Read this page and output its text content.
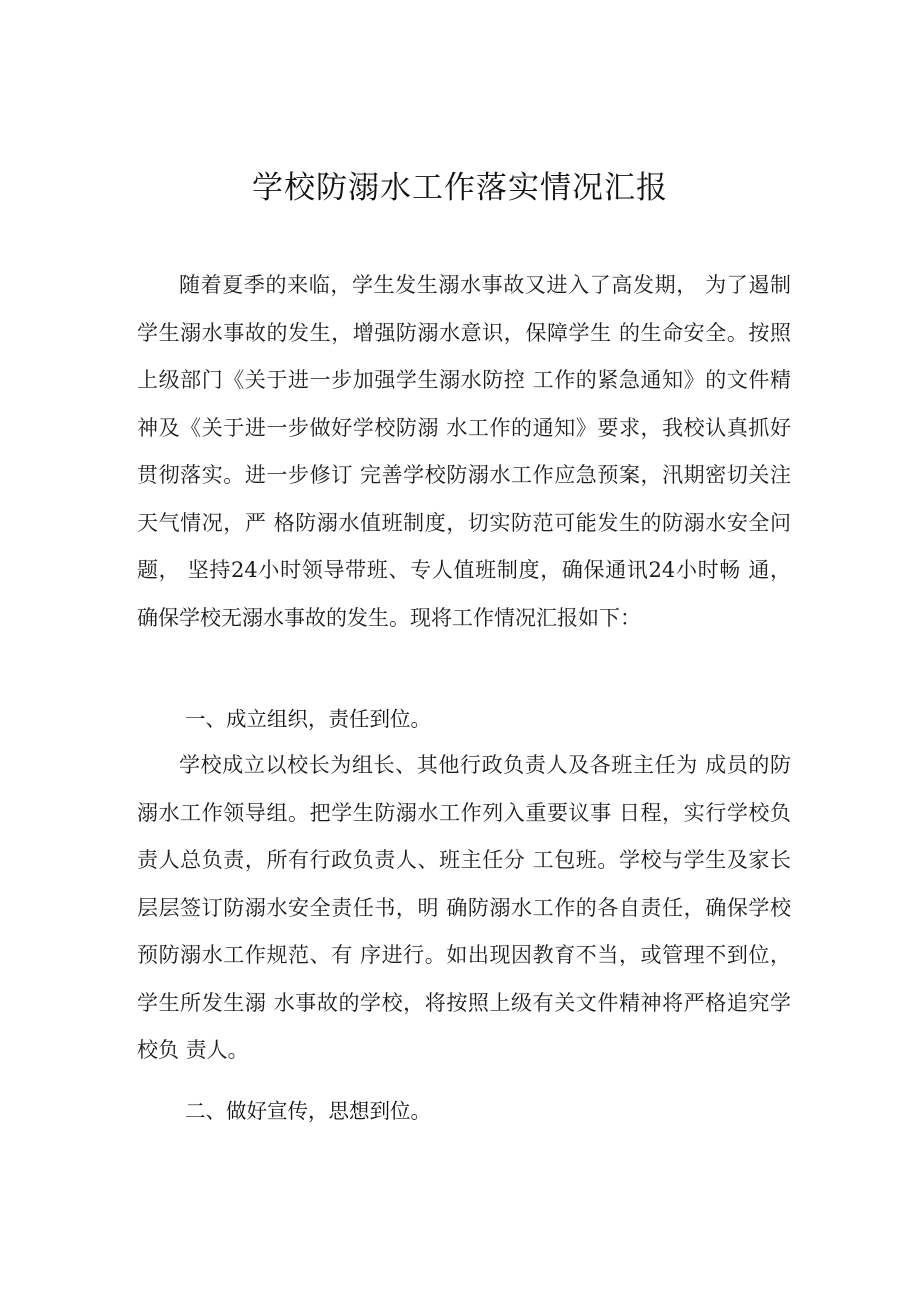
学校防溺水工作落实情况汇报

随着夏季的来临，学生发生溺水事故又进入了高发期， 为了遏制学生溺水事故的发生，增强防溺水意识，保障学生 的生命安全。按照上级部门《关于进一步加强学生溺水防控 工作的紧急通知》的文件精神及《关于进一步做好学校防溺 水工作的通知》要求，我校认真抓好贯彻落实。进一步修订 完善学校防溺水工作应急预案，汛期密切关注天气情况，严 格防溺水值班制度，切实防范可能发生的防溺水安全问题， 坚持24小时领导带班、专人值班制度，确保通讯24小时畅 通，确保学校无溺水事故的发生。现将工作情况汇报如下：

一、成立组织，责任到位。

学校成立以校长为组长、其他行政负责人及各班主任为 成员的防溺水工作领导组。把学生防溺水工作列入重要议事 日程，实行学校负责人总负责，所有行政负责人、班主任分 工包班。学校与学生及家长层层签订防溺水安全责任书，明 确防溺水工作的各自责任，确保学校预防溺水工作规范、有 序进行。如出现因教育不当，或管理不到位，学生所发生溺 水事故的学校，将按照上级有关文件精神将严格追究学校负 责人。

二、做好宣传，思想到位。
